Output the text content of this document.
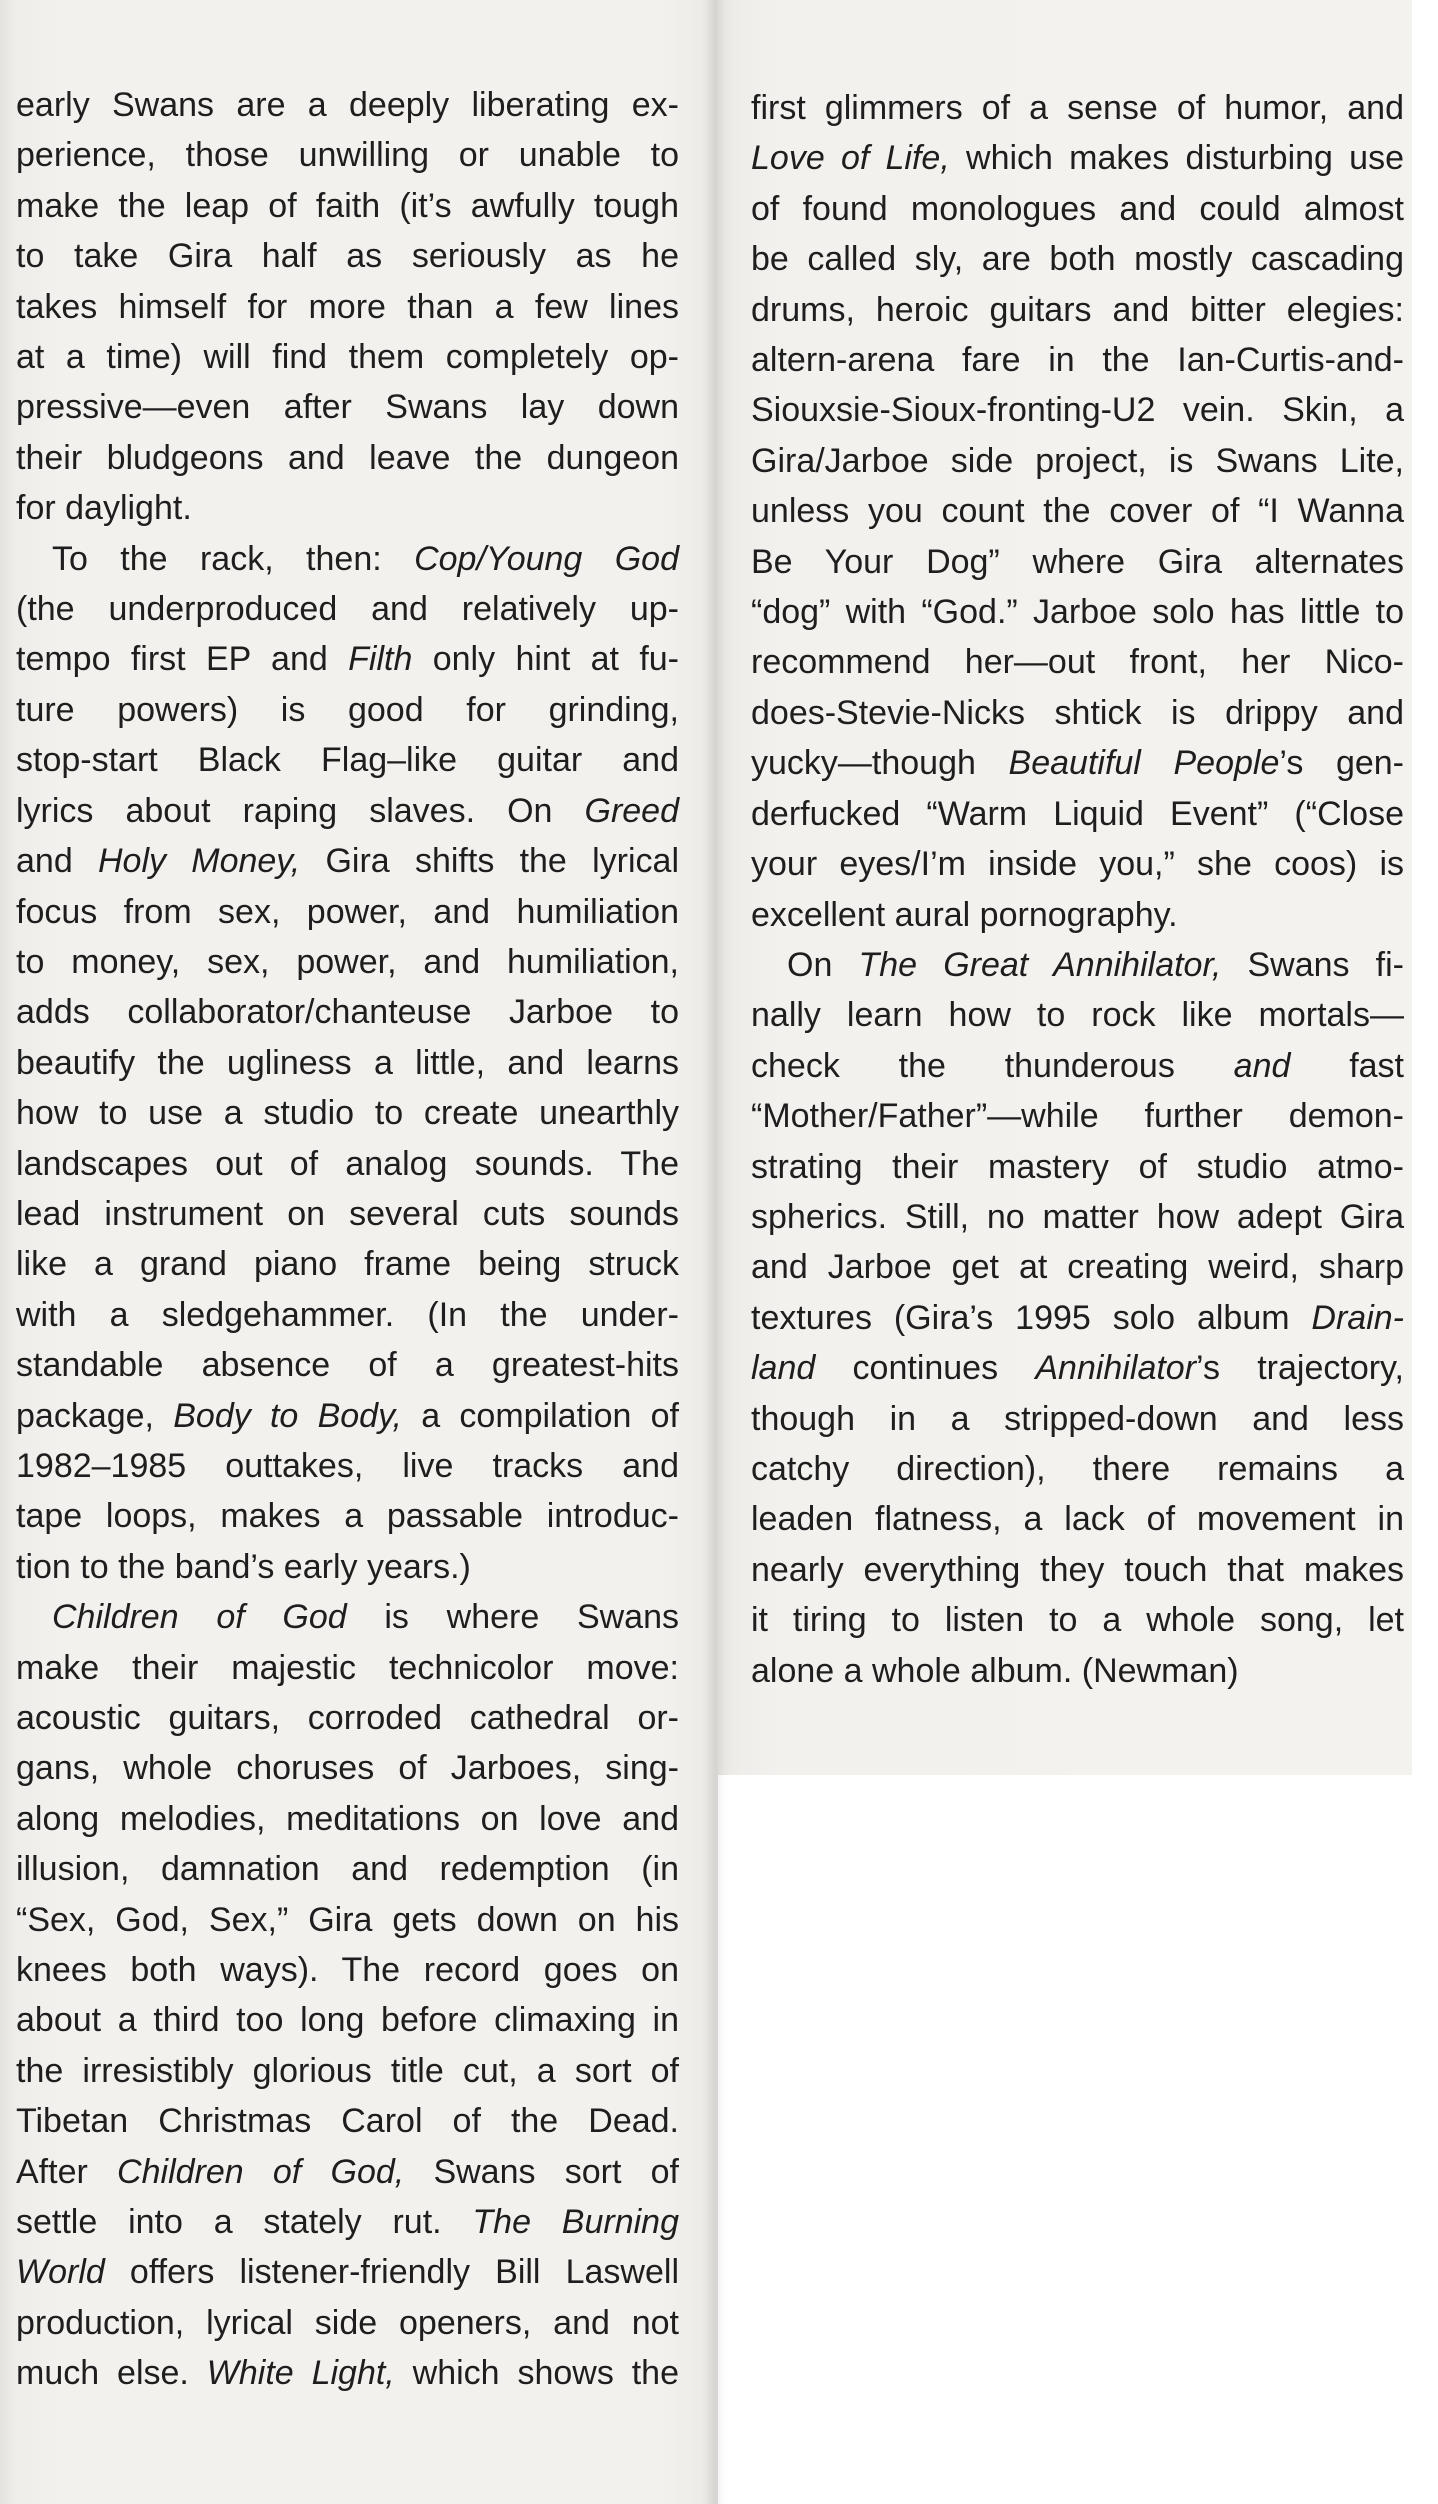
early Swans are a deeply liberating ex-
perience, those unwilling or unable to
make the leap of faith (it’s awfully tough
to take Gira half as seriously as he
takes himself for more than a few lines
at a time) will find them completely op-
pressive—even after Swans lay down
their bludgeons and leave the dungeon
for daylight.

To the rack, then: Cop/Young God
(the underproduced and relatively up-
tempo first EP and Filth only hint at fu-
ture powers) is good for grinding,
stop-start Black Flag–like guitar and
lyrics about raping slaves. On Greed
and Holy Money, Gira shifts the lyrical
focus from sex, power, and humiliation
to money, sex, power, and humiliation,
adds collaborator/chanteuse Jarboe to
beautify the ugliness a little, and learns
how to use a studio to create unearthly
landscapes out of analog sounds. The
lead instrument on several cuts sounds
like a grand piano frame being struck
with a sledgehammer. (In the under-
standable absence of a greatest-hits
package, Body to Body, a compilation of
1982–1985 outtakes, live tracks and
tape loops, makes a passable introduc-
tion to the band’s early years.)

Children of God is where Swans
make their majestic technicolor move:
acoustic guitars, corroded cathedral or-
gans, whole choruses of Jarboes, sing-
along melodies, meditations on love and
illusion, damnation and redemption (in
“Sex, God, Sex,” Gira gets down on his
knees both ways). The record goes on
about a third too long before climaxing in
the irresistibly glorious title cut, a sort of
Tibetan Christmas Carol of the Dead.
After Children of God, Swans sort of
settle into a stately rut. The Burning
World offers listener-friendly Bill Laswell
production, lyrical side openers, and not
much else. White Light, which shows the

first glimmers of a sense of humor, and
Love of Life, which makes disturbing use
of found monologues and could almost
be called sly, are both mostly cascading
drums, heroic guitars and bitter elegies:
altern-arena fare in the Ian-Curtis-and-
Siouxsie-Sioux-fronting-U2 vein. Skin, a
Gira/Jarboe side project, is Swans Lite,
unless you count the cover of “I Wanna
Be Your Dog” where Gira alternates
“dog” with “God.” Jarboe solo has little to
recommend her—out front, her Nico-
does-Stevie-Nicks shtick is drippy and
yucky—though Beautiful People’s gen-
derfucked “Warm Liquid Event” (“Close
your eyes/I’m inside you,” she coos) is
excellent aural pornography.

On The Great Annihilator, Swans fi-
nally learn how to rock like mortals—
check the thunderous and fast
“Mother/Father”—while further demon-
strating their mastery of studio atmo-
spherics. Still, no matter how adept Gira
and Jarboe get at creating weird, sharp
textures (Gira’s 1995 solo album Drain-
land continues Annihilator’s trajectory,
though in a stripped-down and less
catchy direction), there remains a
leaden flatness, a lack of movement in
nearly everything they touch that makes
it tiring to listen to a whole song, let
alone a whole album. (Newman)
